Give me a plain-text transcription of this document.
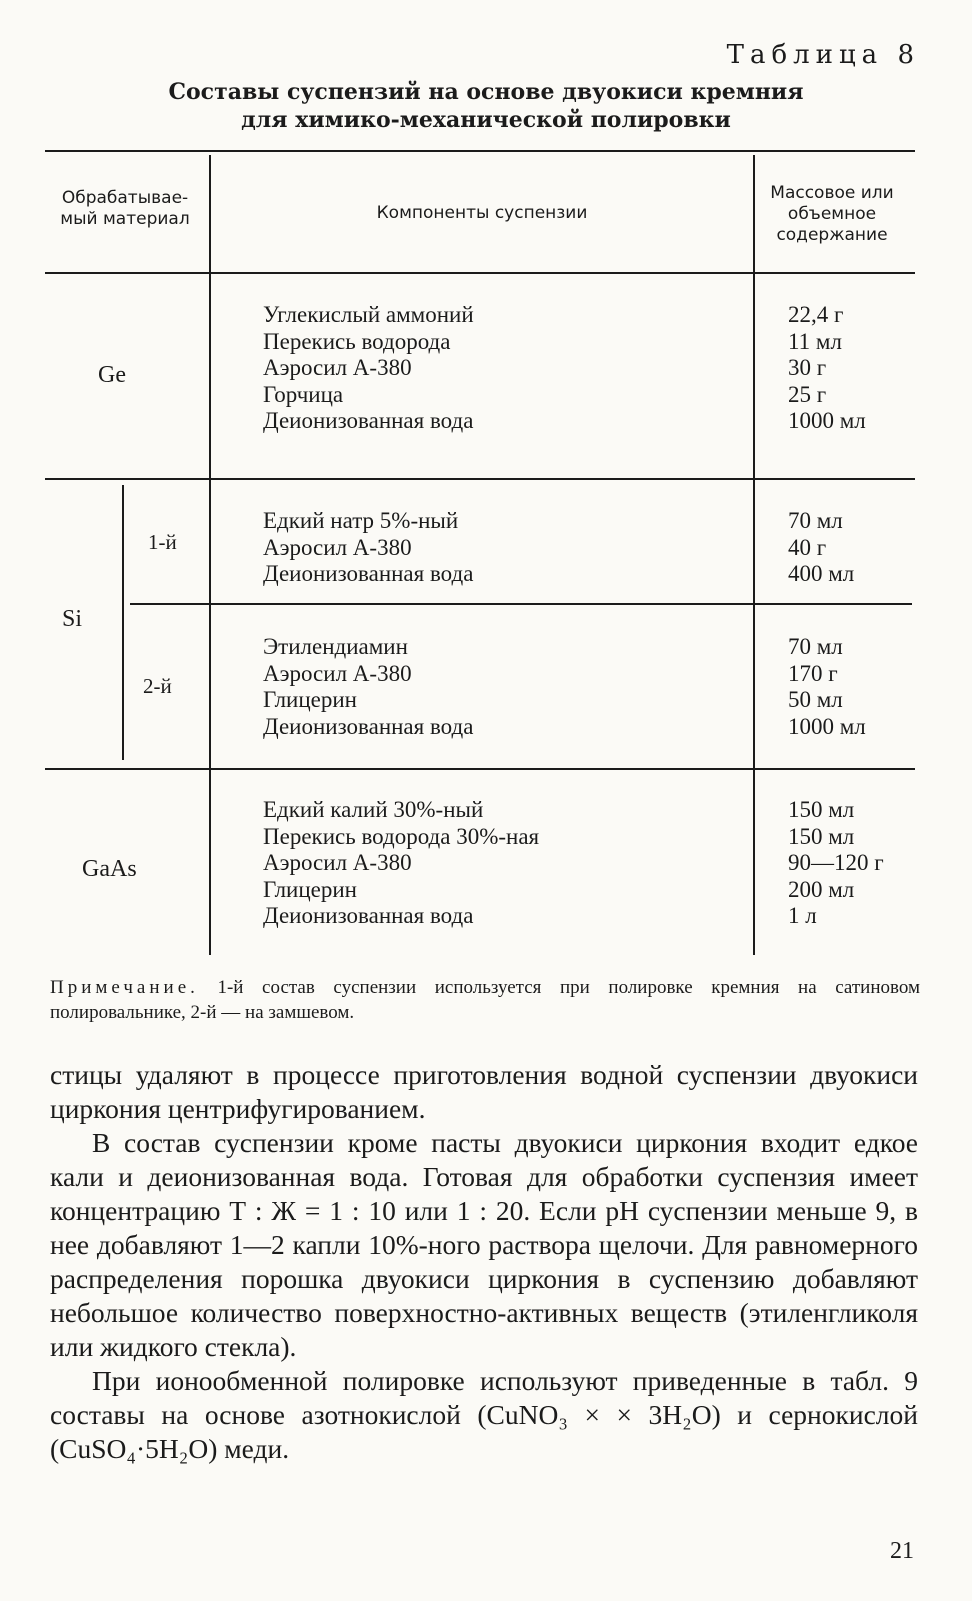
Таблица 8
Составы суспензий на основе двуокиси кремния
для химико-механической полировки
Обрабатывае-
мый материал	Компоненты суспензии
Массовое или
объемное
содержание
Ge
Углекислый аммоний
Перекись водорода
Аэросил А-380
Горчица
Деионизованная вода
22,4 г
11 мл
30 г
25 г
1000 мл
Si
1-й
Едкий натр 5%-ный
Аэросил А-380
Деионизованная вода
70 мл
40 г
400 мл
2-й
Этилендиамин
Аэросил А-380
Глицерин
Деионизованная вода
70 мл
170 г
50 мл
1000 мл
GaAs
Едкий калий 30%-ный
Перекись водорода 30%-ная
Аэросил А-380
Глицерин
Деионизованная вода
150 мл
150 мл
90—120 г
200 мл
1 л
Примечание. 1-й состав суспензии используется при полировке кремния на сатиновом полировальнике, 2-й — на замшевом.

стицы удаляют в процессе приготовления водной суспензии двуокиси циркония центрифугированием.

В состав суспензии кроме пасты двуокиси циркония входит едкое кали и деионизованная вода. Готовая для обработки суспензия имеет концентрацию Т : Ж = 1 : 10 или 1 : 20. Если pH суспензии меньше 9, в нее добавляют 1—2 капли 10%-ного раствора щелочи. Для равномерного распределения порошка двуокиси циркония в суспензию добавляют небольшое количество поверхностно-активных веществ (этиленгликоля или жидкого стекла).

При ионообменной полировке используют приведенные в табл. 9 составы на основе азотнокислой (CuNO₃ × × 3H₂O) и сернокислой (CuSO₄·5H₂O) меди.

21
